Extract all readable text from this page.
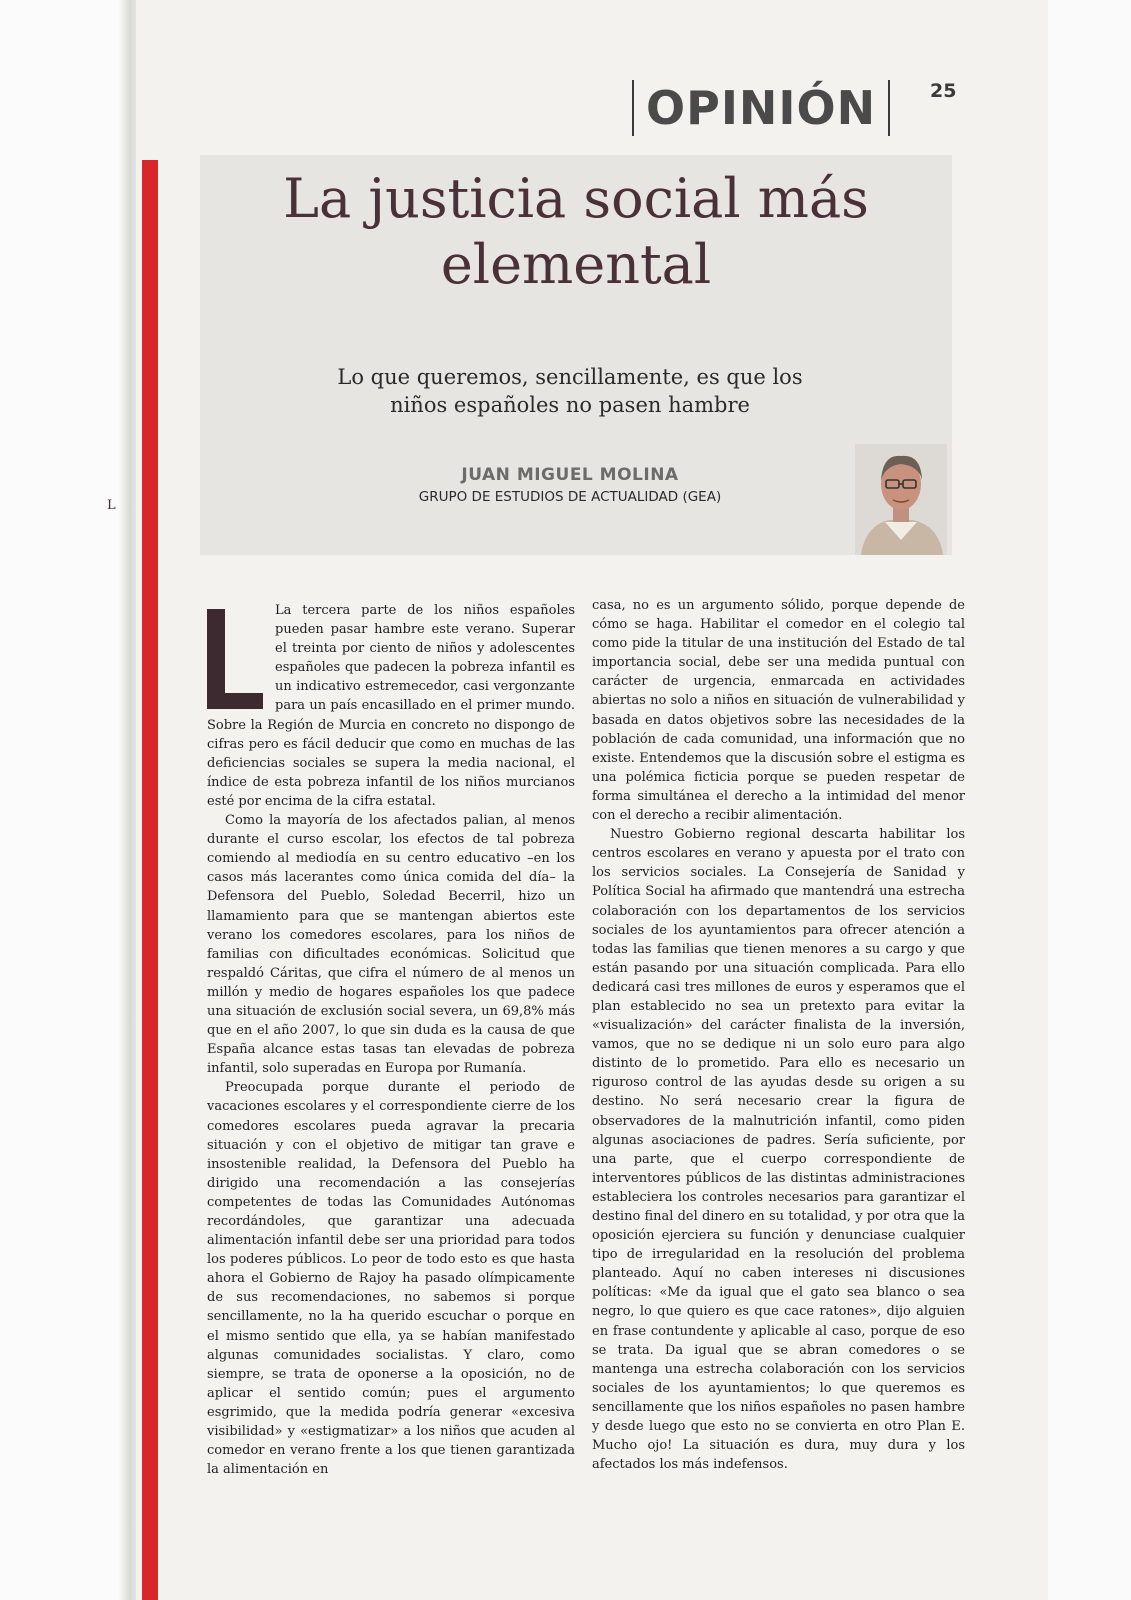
OPINIÓN	25
La justicia social más elemental
Lo que queremos, sencillamente, es que los niños españoles no pasen hambre
JUAN MIGUEL MOLINA
GRUPO DE ESTUDIOS DE ACTUALIDAD (GEA)
L

La tercera parte de los niños españoles pueden pasar hambre este verano. Superar el treinta por ciento de niños y adolescentes españoles que padecen la pobreza infantil es un indicativo estremecedor, casi vergonzante para un país encasillado en el primer mundo. Sobre la Región de Murcia en concreto no dispongo de cifras pero es fácil deducir que como en muchas de las deficiencias sociales se supera la media nacional, el índice de esta pobreza infantil de los niños murcianos esté por encima de la cifra estatal.

Como la mayoría de los afectados palian, al menos durante el curso escolar, los efectos de tal pobreza comiendo al mediodía en su centro educativo –en los casos más lacerantes como única comida del día– la Defensora del Pueblo, Soledad Becerril, hizo un llamamiento para que se mantengan abiertos este verano los comedores escolares, para los niños de familias con dificultades económicas. Solicitud que respaldó Cáritas, que cifra el número de al menos un millón y medio de hogares españoles los que padece una situación de exclusión social severa, un 69,8% más que en el año 2007, lo que sin duda es la causa de que España alcance estas tasas tan elevadas de pobreza infantil, solo superadas en Europa por Rumanía.

Preocupada porque durante el periodo de vacaciones escolares y el correspondiente cierre de los comedores escolares pueda agravar la precaria situación y con el objetivo de mitigar tan grave e insostenible realidad, la Defensora del Pueblo ha dirigido una recomendación a las consejerías competentes de todas las Comunidades Autónomas recordándoles, que garantizar una adecuada alimentación infantil debe ser una prioridad para todos los poderes públicos. Lo peor de todo esto es que hasta ahora el Gobierno de Rajoy ha pasado olímpicamente de sus recomendaciones, no sabemos si porque sencillamente, no la ha querido escuchar o porque en el mismo sentido que ella, ya se habían manifestado algunas comunidades socialistas. Y claro, como siempre, se trata de oponerse a la oposición, no de aplicar el sentido común; pues el argumento esgrimido, que la medida podría generar «excesiva visibilidad» y «estigmatizar» a los niños que acuden al comedor en verano frente a los que tienen garantizada la alimentación en

casa, no es un argumento sólido, porque depende de cómo se haga. Habilitar el comedor en el colegio tal como pide la titular de una institución del Estado de tal importancia social, debe ser una medida puntual con carácter de urgencia, enmarcada en actividades abiertas no solo a niños en situación de vulnerabilidad y basada en datos objetivos sobre las necesidades de la población de cada comunidad, una información que no existe. Entendemos que la discusión sobre el estigma es una polémica ficticia porque se pueden respetar de forma simultánea el derecho a la intimidad del menor con el derecho a recibir alimentación.

Nuestro Gobierno regional descarta habilitar los centros escolares en verano y apuesta por el trato con los servicios sociales. La Consejería de Sanidad y Política Social ha afirmado que mantendrá una estrecha colaboración con los departamentos de los servicios sociales de los ayuntamientos para ofrecer atención a todas las familias que tienen menores a su cargo y que están pasando por una situación complicada. Para ello dedicará casi tres millones de euros y esperamos que el plan establecido no sea un pretexto para evitar la «visualización» del carácter finalista de la inversión, vamos, que no se dedique ni un solo euro para algo distinto de lo prometido. Para ello es necesario un riguroso control de las ayudas desde su origen a su destino. No será necesario crear la figura de observadores de la malnutrición infantil, como piden algunas asociaciones de padres. Sería suficiente, por una parte, que el cuerpo correspondiente de interventores públicos de las distintas administraciones estableciera los controles necesarios para garantizar el destino final del dinero en su totalidad, y por otra que la oposición ejerciera su función y denunciase cualquier tipo de irregularidad en la resolución del problema planteado. Aquí no caben intereses ni discusiones políticas: «Me da igual que el gato sea blanco o sea negro, lo que quiero es que cace ratones», dijo alguien en frase contundente y aplicable al caso, porque de eso se trata. Da igual que se abran comedores o se mantenga una estrecha colaboración con los servicios sociales de los ayuntamientos; lo que queremos es sencillamente que los niños españoles no pasen hambre y desde luego que esto no se convierta en otro Plan E. Mucho ojo! La situación es dura, muy dura y los afectados los más indefensos.
